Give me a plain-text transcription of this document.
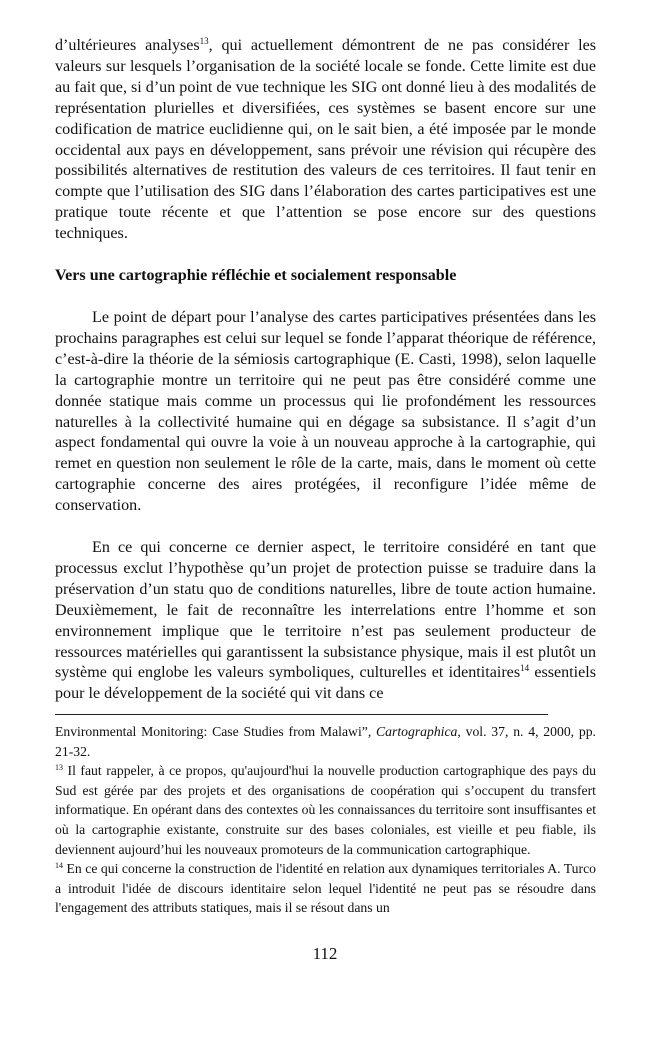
d’ultérieures analyses$^{13}$, qui actuellement démontrent de ne pas considérer les valeurs sur lesquels l’organisation de la société locale se fonde. Cette limite est due au fait que, si d’un point de vue technique les SIG ont donné lieu à des modalités de représentation plurielles et diversifiées, ces systèmes se basent encore sur une codification de matrice euclidienne qui, on le sait bien, a été imposée par le monde occidental aux pays en développement, sans prévoir une révision qui récupère des possibilités alternatives de restitution des valeurs de ces territoires. Il faut tenir en compte que l’utilisation des SIG dans l’élaboration des cartes participatives est une pratique toute récente et que l’attention se pose encore sur des questions techniques.

Vers une cartographie réfléchie et socialement responsable

Le point de départ pour l’analyse des cartes participatives présentées dans les prochains paragraphes est celui sur lequel se fonde l’apparat théorique de référence, c’est-à-dire la théorie de la sémiosis cartographique (E. Casti, 1998), selon laquelle la cartographie montre un territoire qui ne peut pas être considéré comme une donnée statique mais comme un processus qui lie profondément les ressources naturelles à la collectivité humaine qui en dégage sa subsistance. Il s’agit d’un aspect fondamental qui ouvre la voie à un nouveau approche à la cartographie, qui remet en question non seulement le rôle de la carte, mais, dans le moment où cette cartographie concerne des aires protégées, il reconfigure l’idée même de conservation.

En ce qui concerne ce dernier aspect, le territoire considéré en tant que processus exclut l’hypothèse qu’un projet de protection puisse se traduire dans la préservation d’un statu quo de conditions naturelles, libre de toute action humaine. Deuxièmement, le fait de reconnaître les interrelations entre l’homme et son environnement implique que le territoire n’est pas seulement producteur de ressources matérielles qui garantissent la subsistance physique, mais il est plutôt un système qui englobe les valeurs symboliques, culturelles et identitaires$^{14}$ essentiels pour le développement de la société qui vit dans ce

Environmental Monitoring: Case Studies from Malawi”, Cartographica, vol. 37, n. 4, 2000, pp. 21-32.

$^{13}$ Il faut rappeler, à ce propos, qu'aujourd'hui la nouvelle production cartographique des pays du Sud est gérée par des projets et des organisations de coopération qui s’occupent du transfert informatique. En opérant dans des contextes où les connaissances du territoire sont insuffisantes et où la cartographie existante, construite sur des bases coloniales, est vieille et peu fiable, ils deviennent aujourd’hui les nouveaux promoteurs de la communication cartographique.

$^{14}$ En ce qui concerne la construction de l'identité en relation aux dynamiques territoriales A. Turco a introduit l'idée de discours identitaire selon lequel l'identité ne peut pas se résoudre dans l'engagement des attributs statiques, mais il se résout dans un

112
